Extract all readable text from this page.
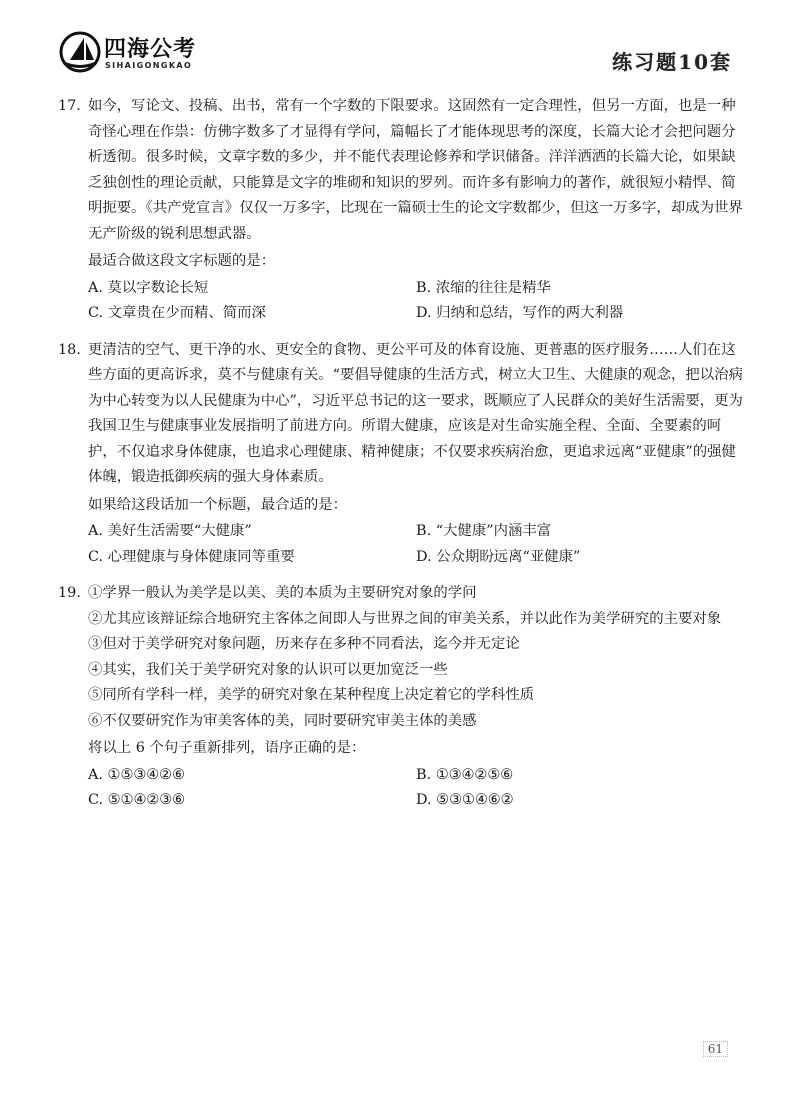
四海公考
SIHAIGONGKAO	练习题10套
17. 如今，写论文、投稿、出书，常有一个字数的下限要求。这固然有一定合理性，但另一方面，也是一种奇怪心理在作祟：仿佛字数多了才显得有学问，篇幅长了才能体现思考的深度，长篇大论才会把问题分析透彻。很多时候，文章字数的多少，并不能代表理论修养和学识储备。洋洋洒洒的长篇大论，如果缺乏独创性的理论贡献，只能算是文字的堆砌和知识的罗列。而许多有影响力的著作，就很短小精悍、简明扼要。《共产党宣言》仅仅一万多字，比现在一篇硕士生的论文字数都少，但这一万多字，却成为世界无产阶级的锐利思想武器。

最适合做这段文字标题的是：

A. 莫以字数论长短	B. 浓缩的往往是精华
C. 文章贵在少而精、简而深	D. 归纳和总结，写作的两大利器
18. 更清洁的空气、更干净的水、更安全的食物、更公平可及的体育设施、更普惠的医疗服务……人们在这些方面的更高诉求，莫不与健康有关。“要倡导健康的生活方式，树立大卫生、大健康的观念，把以治病为中心转变为以人民健康为中心”，习近平总书记的这一要求，既顺应了人民群众的美好生活需要，更为我国卫生与健康事业发展指明了前进方向。所谓大健康，应该是对生命实施全程、全面、全要素的呵护，不仅追求身体健康，也追求心理健康、精神健康；不仅要求疾病治愈，更追求远离“亚健康”的强健体魄，锻造抵御疾病的强大身体素质。

如果给这段话加一个标题，最合适的是：

A. 美好生活需要“大健康”	B. “大健康”内涵丰富
C. 心理健康与身体健康同等重要	D. 公众期盼远离“亚健康”
19. ①学界一般认为美学是以美、美的本质为主要研究对象的学问

②尤其应该辩证综合地研究主客体之间即人与世界之间的审美关系，并以此作为美学研究的主要对象

③但对于美学研究对象问题，历来存在多种不同看法，迄今并无定论

④其实，我们关于美学研究对象的认识可以更加宽泛一些

⑤同所有学科一样，美学的研究对象在某种程度上决定着它的学科性质

⑥不仅要研究作为审美客体的美，同时要研究审美主体的美感

将以上 6 个句子重新排列，语序正确的是：

A. ①⑤③④②⑥	B. ①③④②⑤⑥
C. ⑤①④②③⑥	D. ⑤③①④⑥②
61
